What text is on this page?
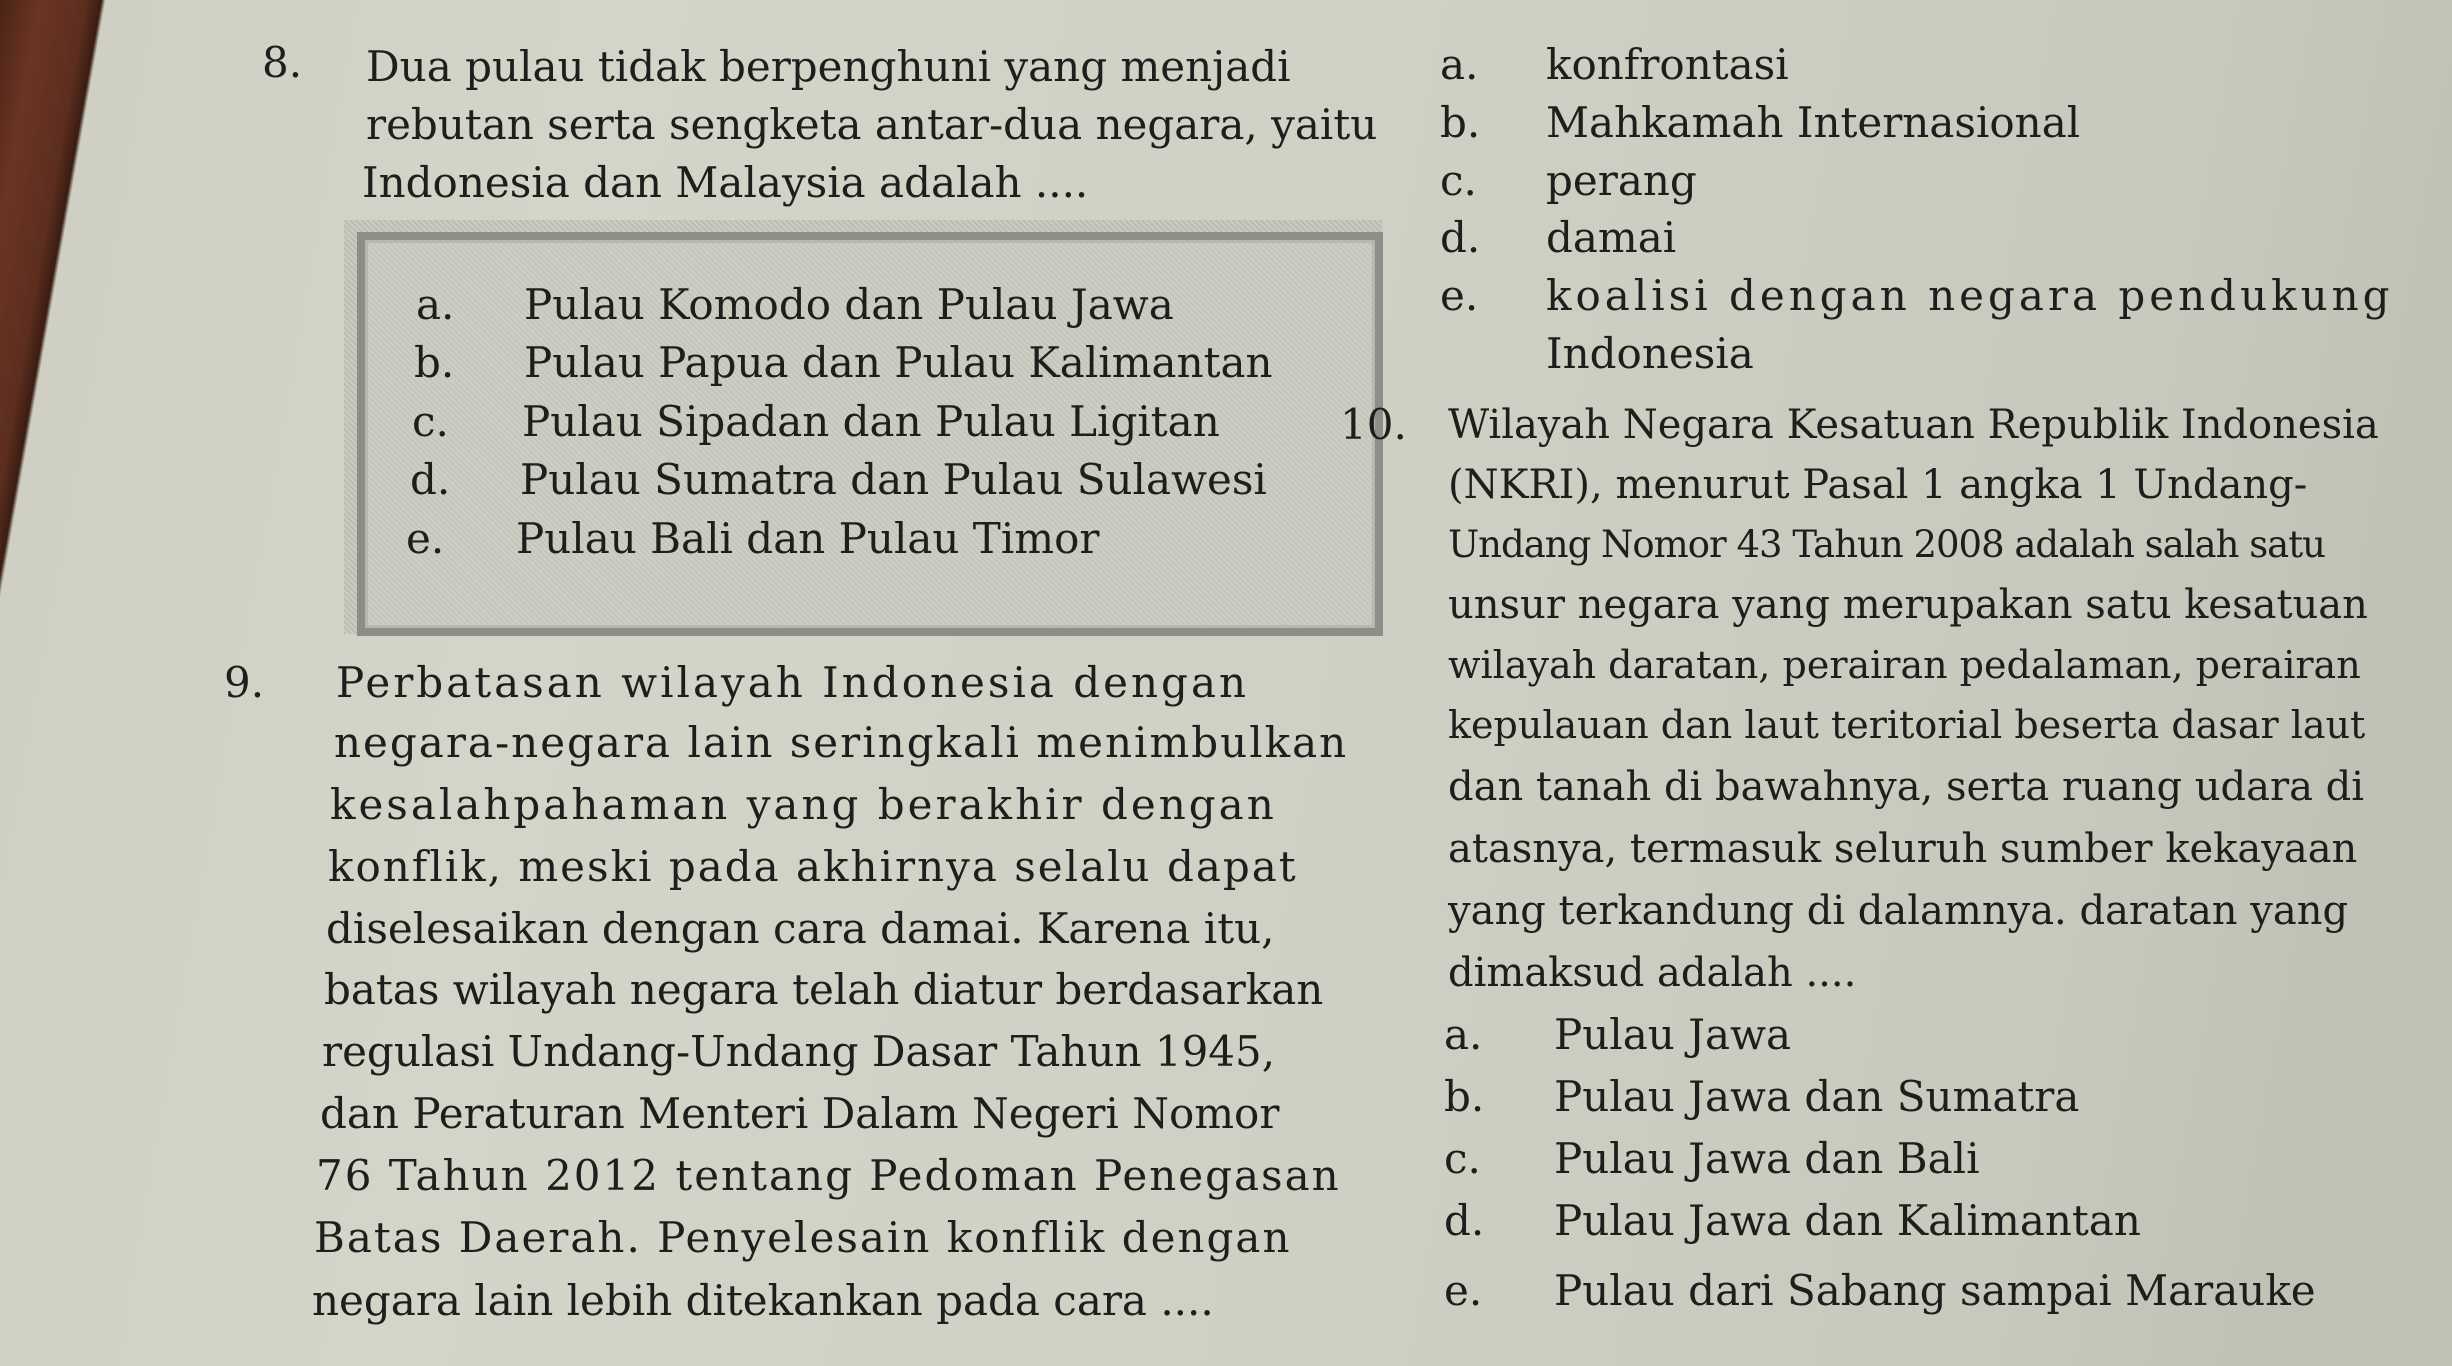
8. Dua pulau tidak berpenghuni yang menjadi
rebutan serta sengketa antar-dua negara, yaitu
Indonesia dan Malaysia adalah ....
a. Pulau Komodo dan Pulau Jawa
b. Pulau Papua dan Pulau Kalimantan
c. Pulau Sipadan dan Pulau Ligitan
d. Pulau Sumatra dan Pulau Sulawesi
e. Pulau Bali dan Pulau Timor
9. Perbatasan wilayah Indonesia dengan
negara-negara lain seringkali menimbulkan
kesalahpahaman yang berakhir dengan
konflik, meski pada akhirnya selalu dapat
diselesaikan dengan cara damai. Karena itu,
batas wilayah negara telah diatur berdasarkan
regulasi Undang-Undang Dasar Tahun 1945,
dan Peraturan Menteri Dalam Negeri Nomor
76 Tahun 2012 tentang Pedoman Penegasan
Batas Daerah. Penyelesain konflik dengan
negara lain lebih ditekankan pada cara ....
a. konfrontasi
b. Mahkamah Internasional
c. perang
d. damai
e. koalisi dengan negara pendukung
Indonesia
10. Wilayah Negara Kesatuan Republik Indonesia
(NKRI), menurut Pasal 1 angka 1 Undang-
Undang Nomor 43 Tahun 2008 adalah salah satu
unsur negara yang merupakan satu kesatuan
wilayah daratan, perairan pedalaman, perairan
kepulauan dan laut teritorial beserta dasar laut
dan tanah di bawahnya, serta ruang udara di
atasnya, termasuk seluruh sumber kekayaan
yang terkandung di dalamnya. daratan yang
dimaksud adalah ....
a. Pulau Jawa
b. Pulau Jawa dan Sumatra
c. Pulau Jawa dan Bali
d. Pulau Jawa dan Kalimantan
e. Pulau dari Sabang sampai Marauke
